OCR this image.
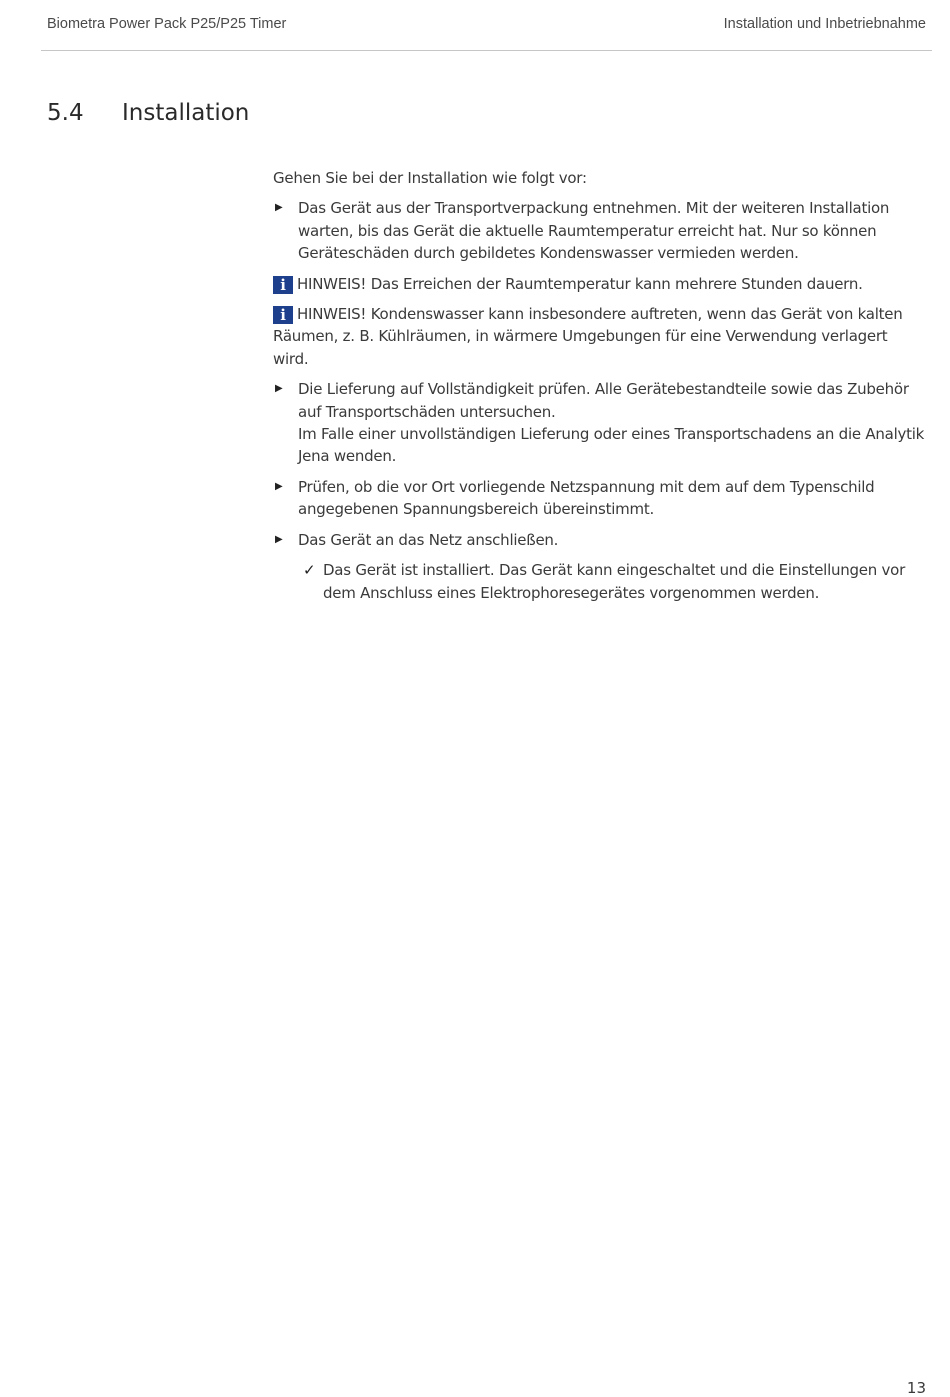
Biometra Power Pack P25/P25 Timer	Installation und Inbetriebnahme
5.4 Installation

Gehen Sie bei der Installation wie folgt vor:

▶ Das Gerät aus der Transportverpackung entnehmen. Mit der weiteren Installation warten, bis das Gerät die aktuelle Raumtemperatur erreicht hat. Nur so können Geräteschäden durch gebildetes Kondenswasser vermieden werden.
i HINWEIS! Das Erreichen der Raumtemperatur kann mehrere Stunden dauern.
i HINWEIS! Kondenswasser kann insbesondere auftreten, wenn das Gerät von kalten Räumen, z. B. Kühlräumen, in wärmere Umgebungen für eine Verwendung verlagert wird.
▶ Die Lieferung auf Vollständigkeit prüfen. Alle Gerätebestandteile sowie das Zubehör auf Transportschäden untersuchen.
Im Falle einer unvollständigen Lieferung oder eines Transportschadens an die Analytik Jena wenden.
▶ Prüfen, ob die vor Ort vorliegende Netzspannung mit dem auf dem Typenschild angegebenen Spannungsbereich übereinstimmt.
▶ Das Gerät an das Netz anschließen.
✓ Das Gerät ist installiert. Das Gerät kann eingeschaltet und die Einstellungen vor dem Anschluss eines Elektrophoresegerätes vorgenommen werden.
13
